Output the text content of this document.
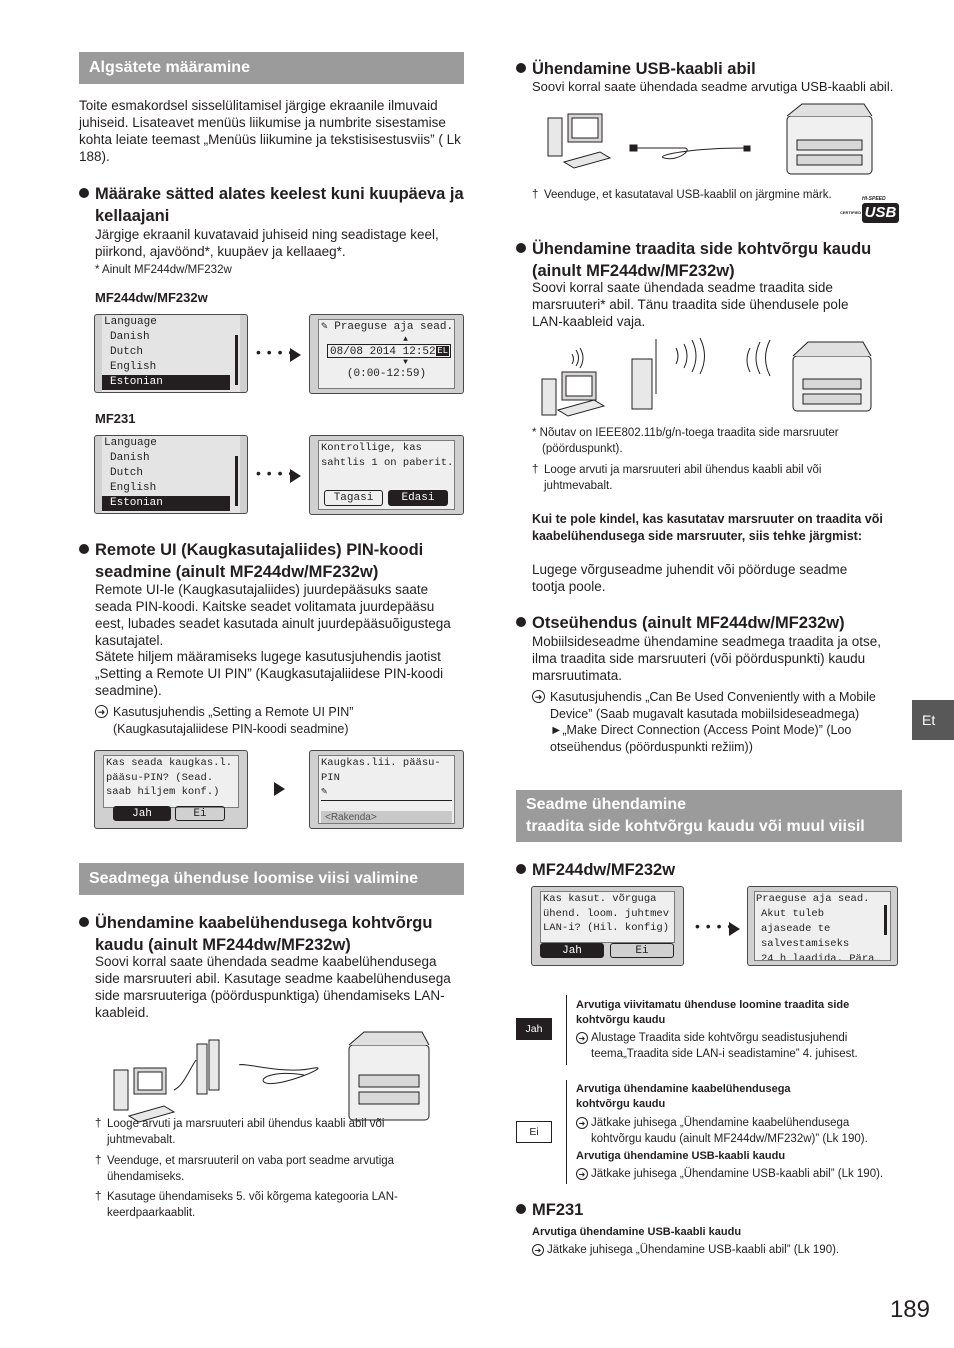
Algsätete määramine
Toite esmakordsel sisselülitamisel järgige ekraanile ilmuvaid juhiseid. Lisateavet menüüs liikumise ja numbrite sisestamise kohta leiate teemast „Menüüs liikumine ja tekstisisestusviis” ( Lk 188).
Määrake sätted alates keelest kuni kuupäeva ja kellaajani
Järgige ekraanil kuvatavaid juhiseid ning seadistage keel, piirkond, ajavöönd*, kuupäev ja kellaaeg*.
* Ainult MF244dw/MF232w
MF244dw/MF232w
Language
Danish
Dutch
English
Estonian
• • • •
✎ Praeguse aja sead.
▲
08/08 2014 12:52 EL
▼
(0:00-12:59)
MF231
Language
Danish
Dutch
English
Estonian
• • • •
Kontrollige, kas
sahtlis 1 on paberit.
Tagasi	Edasi
Remote UI (Kaugkasutajaliides) PIN-koodi seadmine (ainult MF244dw/MF232w)
Remote UI-le (Kaugkasutajaliides) juurdepääsuks saate seada PIN-koodi. Kaitske seadet volitamata juurdepääsu eest, lubades seadet kasutada ainult juurdepääsuõigustega kasutajatel.
Sätete hiljem määramiseks lugege kasutusjuhendis jaotist „Setting a Remote UI PIN” (Kaugkasutajaliidese PIN-koodi seadmine).
➜ Kasutusjuhendis „Setting a Remote UI PIN” (Kaugkasutajaliidese PIN-koodi seadmine)
Kas seada kaugkas.l.
pääsu-PIN? (Sead.
saab hiljem konf.)
Jah	Ei
Kaugkas.lii. pääsu-PIN
✎
<Rakenda>
Seadmega ühenduse loomise viisi valimine
Ühendamine kaabelühendusega kohtvõrgu kaudu (ainult MF244dw/MF232w)
Soovi korral saate ühendada seadme kaabelühendusega side marsruuteri abil. Kasutage seadme kaabelühendusega side marsruuteriga (pöörduspunktiga) ühendamiseks LAN-kaableid.
† Looge arvuti ja marsruuteri abil ühendus kaabli abil või juhtmevabalt.
† Veenduge, et marsruuteril on vaba port seadme arvutiga ühendamiseks.
† Kasutage ühendamiseks 5. või kõrgema kategooria LAN-keerdpaarkaablit.
Ühendamine USB-kaabli abil
Soovi korral saate ühendada seadme arvutiga USB-kaabli abil.
† Veenduge, et kasutataval USB-kaablil on järgmine märk.	HI-SPEED
CERTIFIED USB
Ühendamine traadita side kohtvõrgu kaudu (ainult MF244dw/MF232w)
Soovi korral saate ühendada seadme traadita side marsruuteri* abil. Tänu traadita side ühendusele pole LAN-kaableid vaja.
* Nõutav on IEEE802.11b/g/n-toega traadita side marsruuter (pöörduspunkt).
† Looge arvuti ja marsruuteri abil ühendus kaabli abil või juhtmevabalt.
Kui te pole kindel, kas kasutatav marsruuter on traadita või kaabelühendusega side marsruuter, siis tehke järgmist:
Lugege võrguseadme juhendit või pöörduge seadme tootja poole.
Otseühendus (ainult MF244dw/MF232w)
Mobiilsideseadme ühendamine seadmega traadita ja otse, ilma traadita side marsruuteri (või pöörduspunkti) kaudu marsruutimata.
➜ Kasutusjuhendis „Can Be Used Conveniently with a Mobile Device” (Saab mugavalt kasutada mobiilsideseadmega) ►„Make Direct Connection (Access Point Mode)” (Loo otseühendus (pöörduspunkti režiim))
Seadme ühendamine
traadita side kohtvõrgu kaudu või muul viisil
MF244dw/MF232w
Kas kasut. võrguga
ühend. loom. juhtmev
LAN-i? (Hil. konfig)
Jah	Ei
• • • •
Praeguse aja sead.
Akut tuleb
ajaseade te
salvestamiseks
24 h laadida. Pära…
Jah
Arvutiga viivitamatu ühenduse loomine traadita side kohtvõrgu kaudu
➜ Alustage Traadita side kohtvõrgu seadistusjuhendi teema„Traadita side LAN-i seadistamine” 4. juhisest.
Ei
Arvutiga ühendamine kaabelühendusega kohtvõrgu kaudu
➜ Jätkake juhisega „Ühendamine kaabelühendusega kohtvõrgu kaudu (ainult MF244dw/MF232w)” (Lk 190).
Arvutiga ühendamine USB-kaabli kaudu
➜ Jätkake juhisega „Ühendamine USB-kaabli abil” (Lk 190).
MF231
Arvutiga ühendamine USB-kaabli kaudu
➜ Jätkake juhisega „Ühendamine USB-kaabli abil” (Lk 190).
Et
189
